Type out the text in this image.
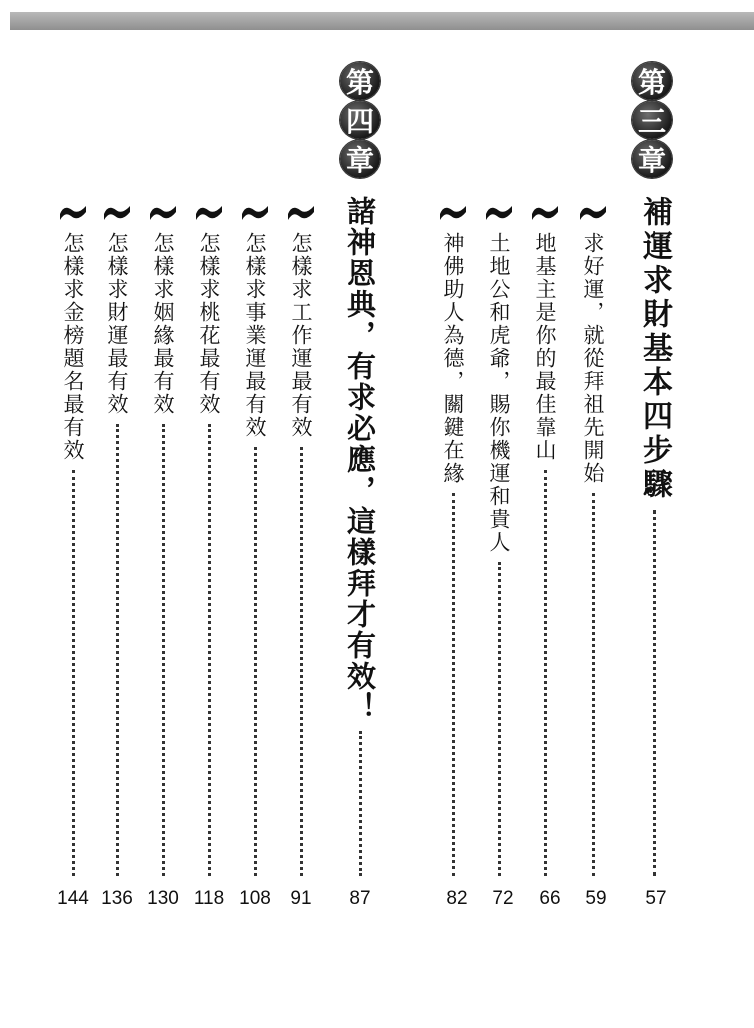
第
三
章
第
四
章
補運求財基本四步驟
57
求好運，就從拜祖先開始
59
地基主是你的最佳靠山
66
土地公和虎爺，賜你機運和貴人
72
神佛助人為德，關鍵在緣
82
諸神恩典，有求必應，這樣拜才有效！
87
怎樣求工作運最有效
91
怎樣求事業運最有效
108
怎樣求桃花最有效
118
怎樣求姻緣最有效
130
怎樣求財運最有效
136
怎樣求金榜題名最有效
144
